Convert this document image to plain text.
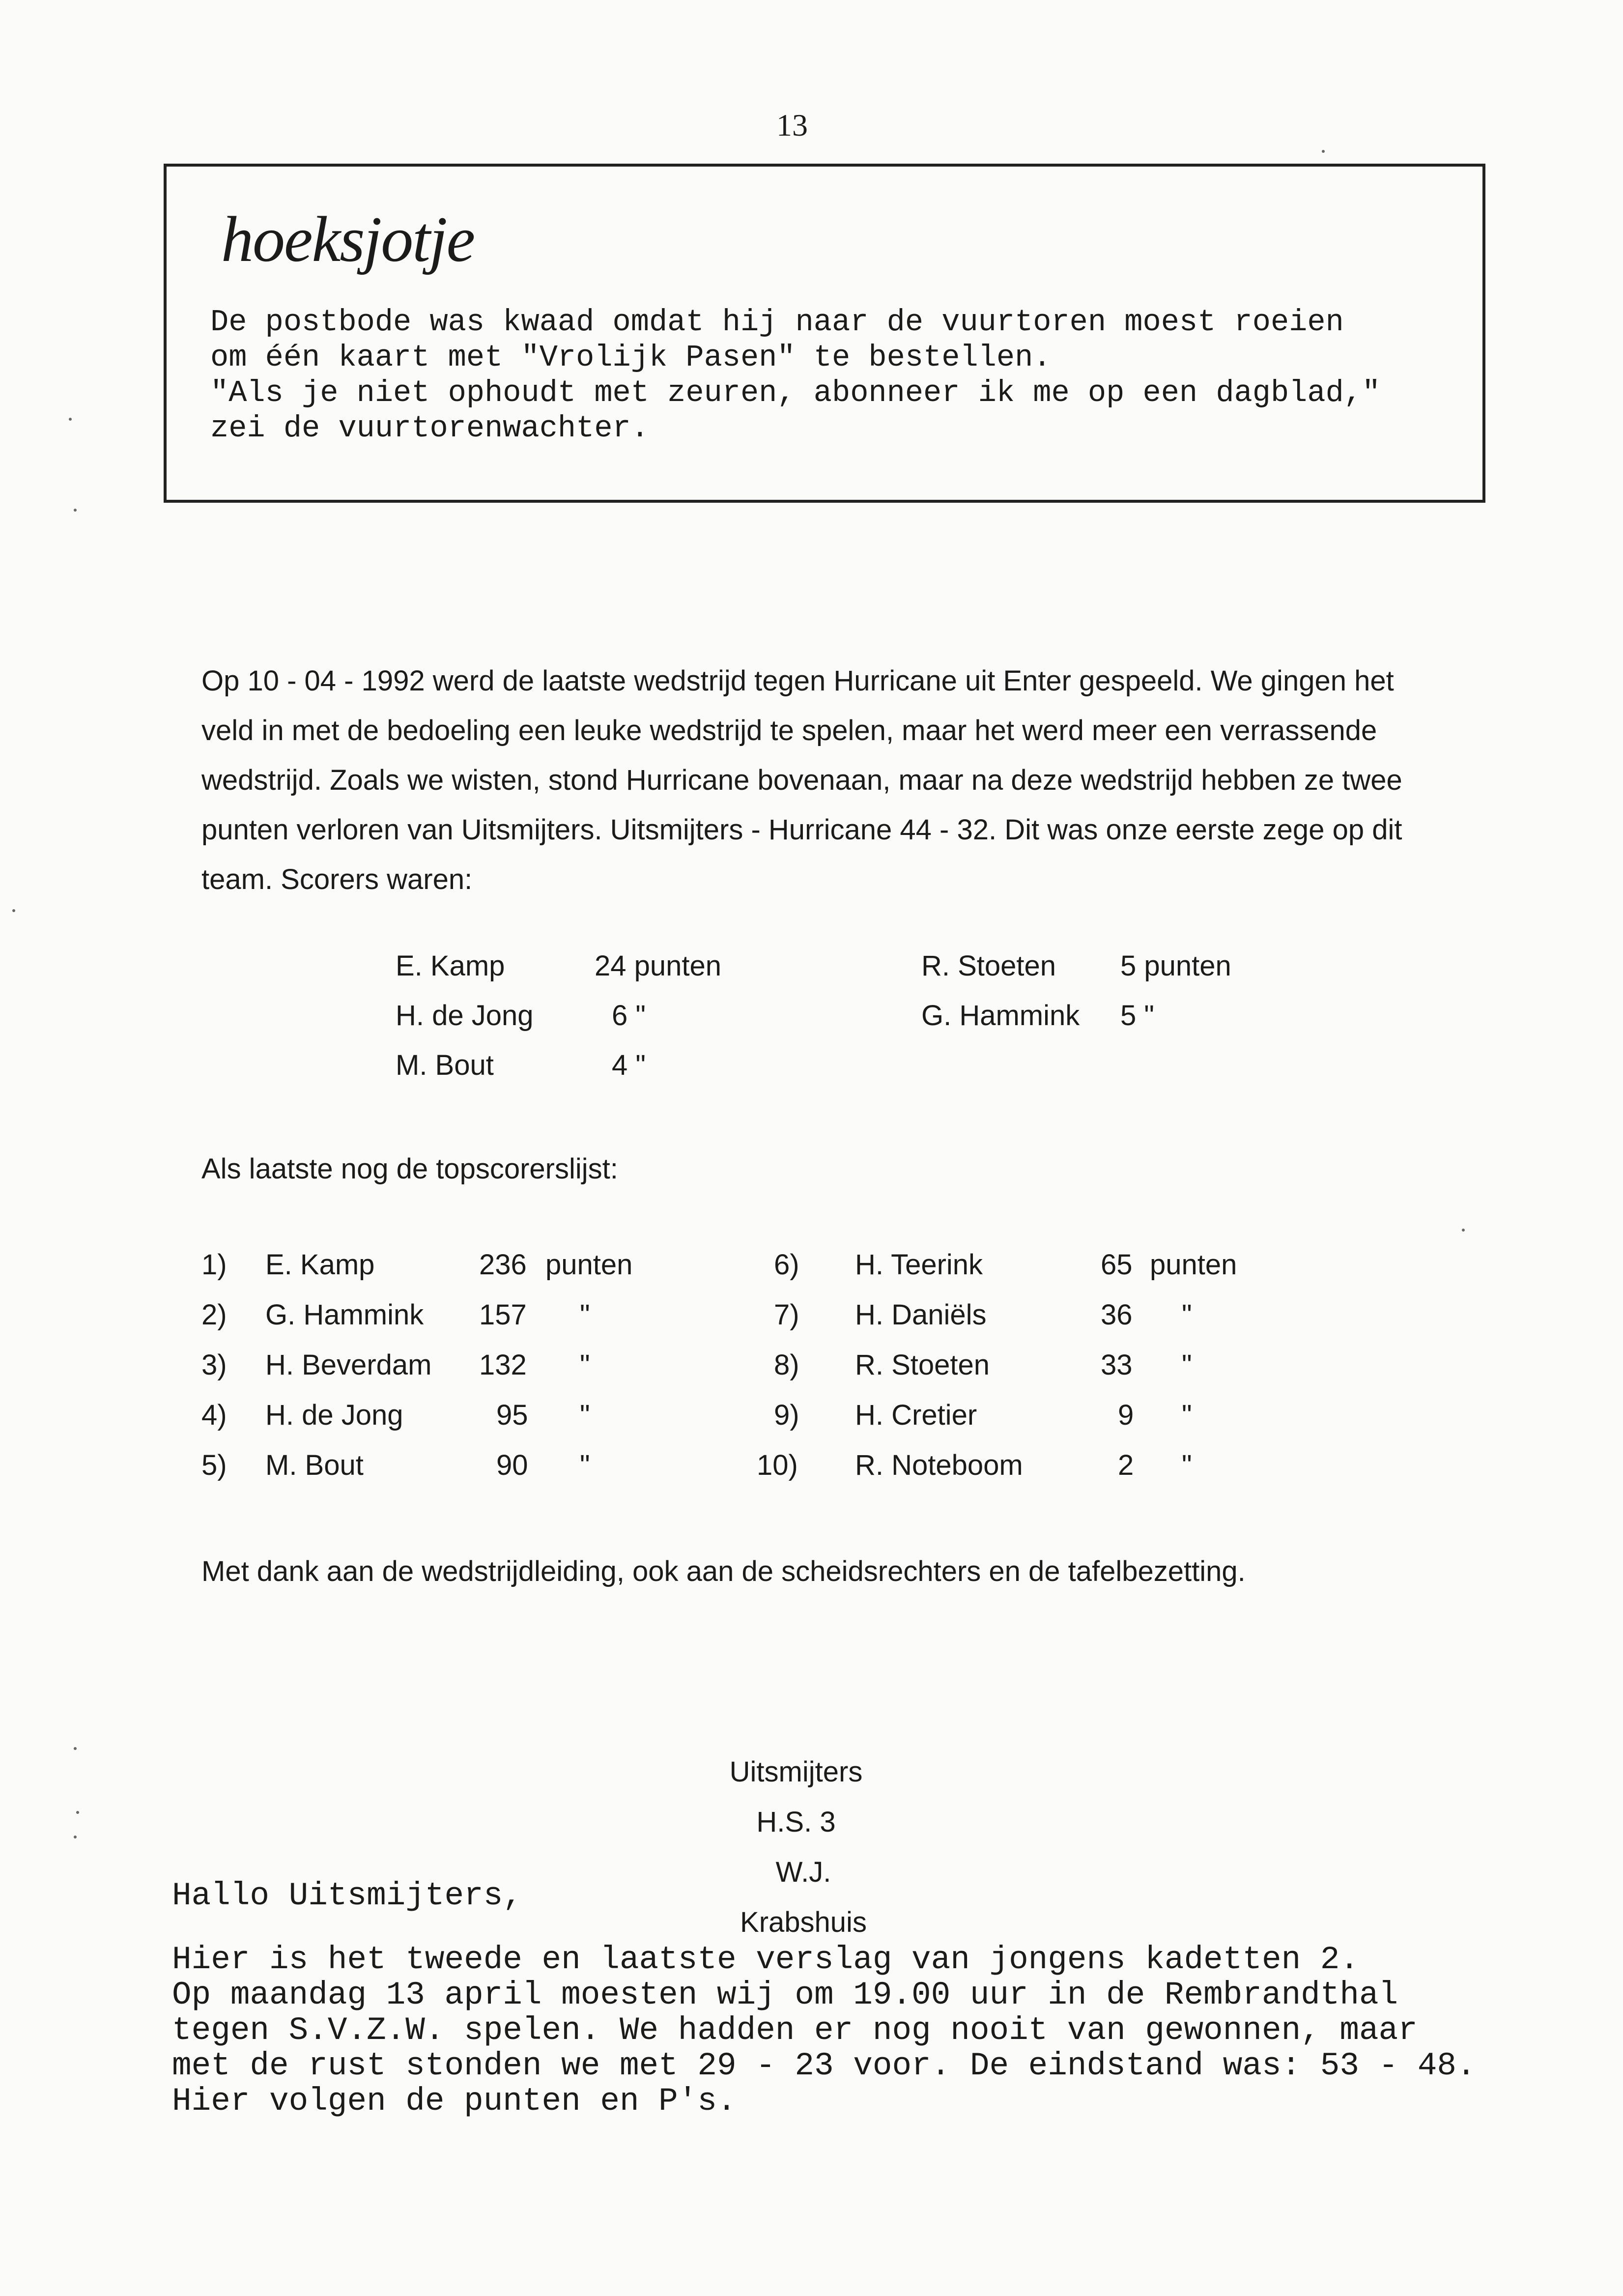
13
hoeksjotje
De postbode was kwaad omdat hij naar de vuurtoren moest roeien
om één kaart met "Vrolijk Pasen" te bestellen.
"Als je niet ophoudt met zeuren, abonneer ik me op een dagblad,"
zei de vuurtorenwachter.
Op 10 - 04 - 1992 werd de laatste wedstrijd tegen Hurricane uit Enter gespeeld. We gingen het veld in met de bedoeling een leuke wedstrijd te spelen, maar het werd meer een verrassende wedstrijd. Zoals we wisten, stond Hurricane bovenaan, maar na deze wedstrijd hebben ze twee punten verloren van Uitsmijters. Uitsmijters - Hurricane 44 - 32. Dit was onze eerste zege op dit team. Scorers waren:
E. Kamp	24 punten	R. Stoeten 5 punten
H. de Jong	6 "	G. Hammink 5 "
M. Bout	4 "
Als laatste nog de topscorerslijst:
1) E. Kamp	236 punten	6) H. Teerink	65 punten
2) G. Hammink 157 "	7) H. Daniëls	36 "
3) H. Beverdam 132 "	8) R. Stoeten	33 "
4) H. de Jong	95 "	9) H. Cretier	9 "
5) M. Bout	90 "	10) R. Noteboom	2 "
Met dank aan de wedstrijdleiding, ook aan de scheidsrechters en de tafelbezetting.
Uitsmijters H.S. 3
W.J. Krabshuis
Hallo Uitsmijters,
Hier is het tweede en laatste verslag van jongens kadetten 2.
Op maandag 13 april moesten wij om 19.00 uur in de Rembrandthal
tegen S.V.Z.W. spelen. We hadden er nog nooit van gewonnen, maar
met de rust stonden we met 29 - 23 voor. De eindstand was: 53 - 48.
Hier volgen de punten en P's.
